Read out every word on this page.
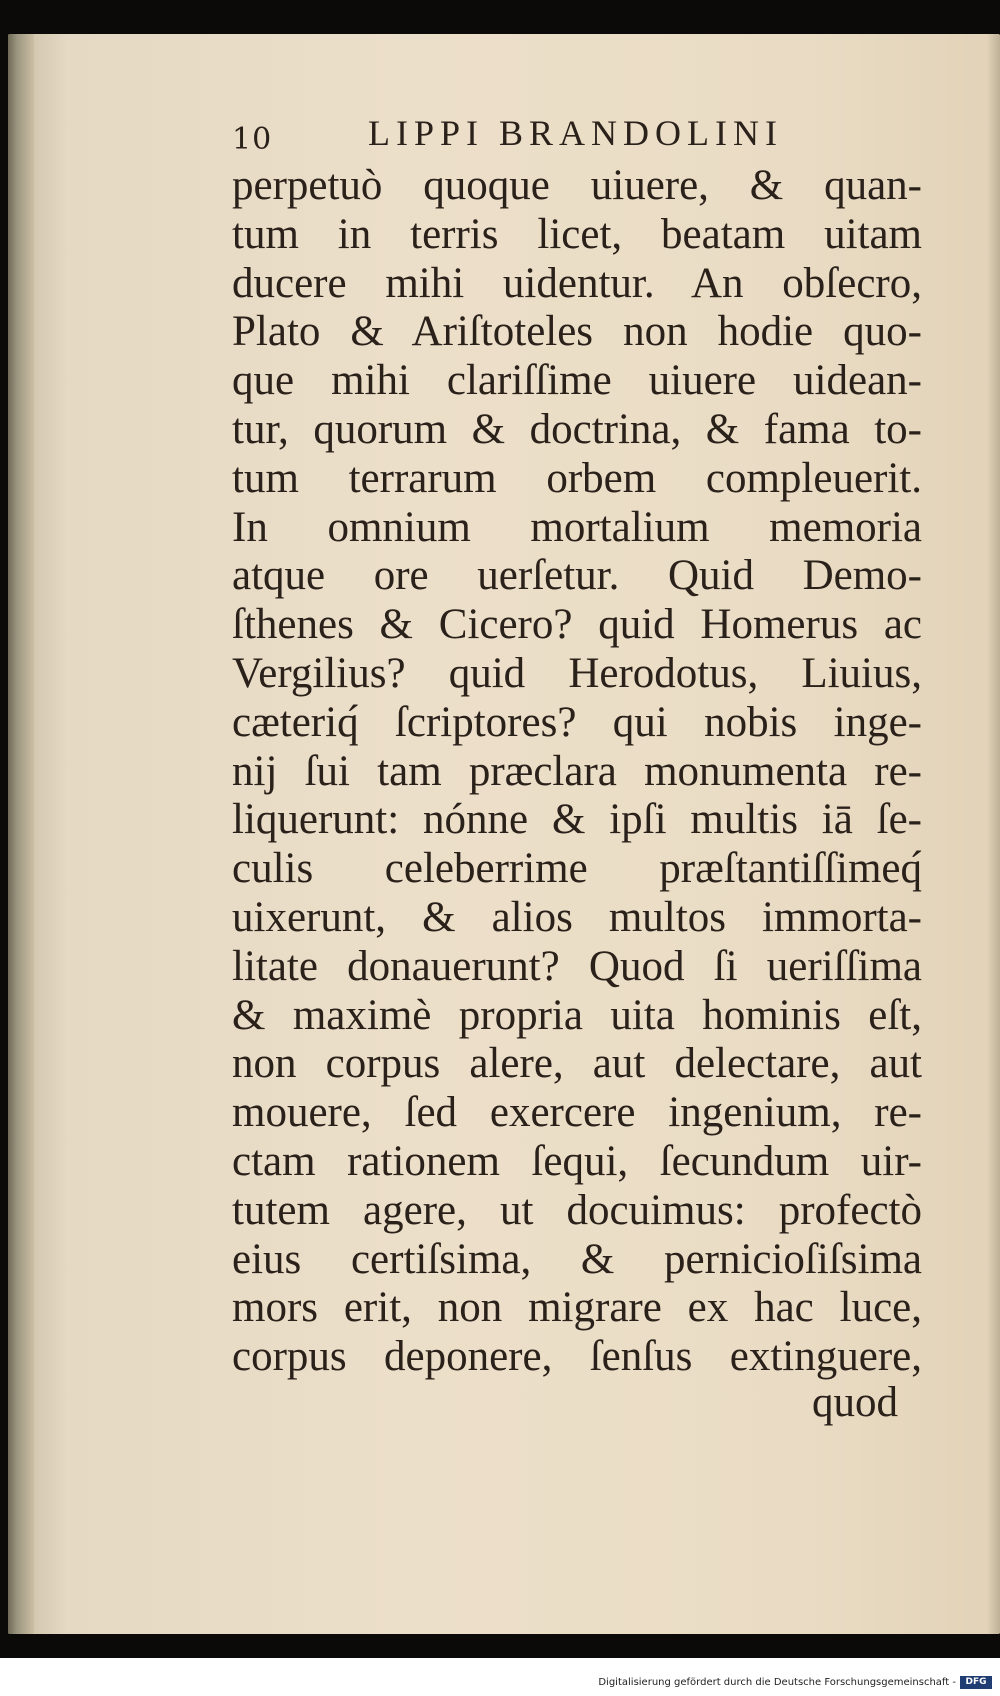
10	LIPPI BRANDOLINI
perpetuò quoque uiuere, & quan-
tum in terris licet, beatam uitam
ducere mihi uidentur. An obſecro,
Plato & Ariſtoteles non hodie quo-
que mihi clariſſime uiuere uidean-
tur, quorum & doctrina, & fama to-
tum terrarum orbem compleuerit.
In omnium mortalium memoria
atque ore uerſetur. Quid Demo-
ſthenes & Cicero? quid Homerus ac
Vergilius? quid Herodotus, Liuius,
cæteriq́ ſcriptores? qui nobis inge-
nij ſui tam præclara monumenta re-
liquerunt: nónne & ipſi multis iā ſe-
culis celeberrime præſtantiſſimeq́
uixerunt, & alios multos immorta-
litate donauerunt? Quod ſi ueriſſima
& maximè propria uita hominis eſt,
non corpus alere, aut delectare, aut
mouere, ſed exercere ingenium, re-
ctam rationem ſequi, ſecundum uir-
tutem agere, ut docuimus: profectò
eius certiſsima, & pernicioſiſsima
mors erit, non migrare ex hac luce,
corpus deponere, ſenſus extinguere,
quod
Digitalisierung gefördert durch die Deutsche Forschungsgemeinschaft -	DFG
